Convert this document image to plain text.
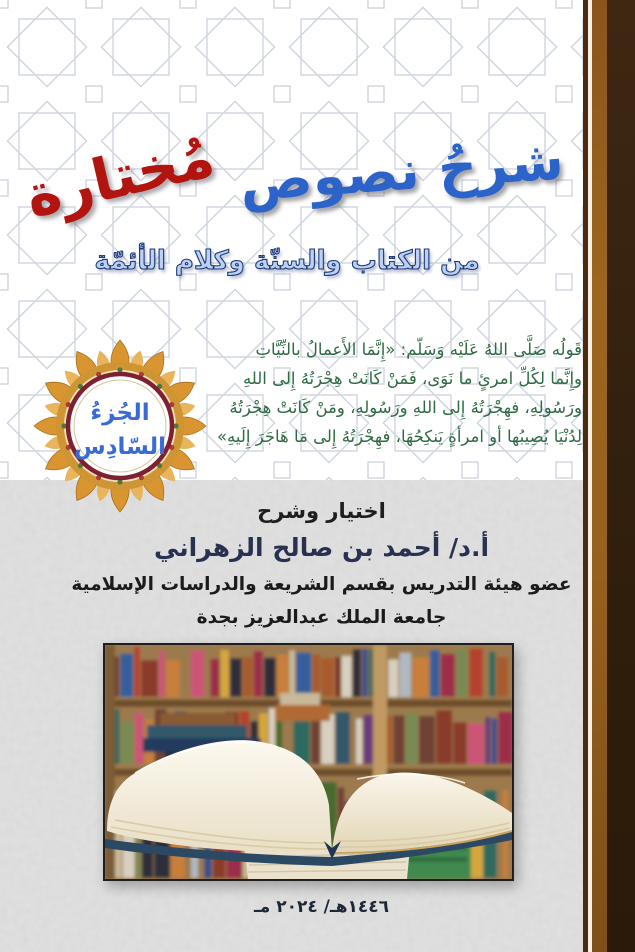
شرحُ نصوص
مُختارة
من الكتاب والسنّة وكلام الأئمّة
الجُزءُ
السّادِس
قَولُه صَلَّى اللهُ عَلَيْه وَسَلّم: «إِنَّمَا الأَعمالُ بالنِّيَّاتِ
وإِنَّما لِكُلِّ امرئٍ ما نَوَى، فَمَنْ كَانَتْ هِجْرَتُهُ إِلى اللهِ
ورَسُولِهِ، فهِجْرَتُهُ إِلى اللهِ ورَسُولِهِ، ومَنْ كَانَتْ هِجْرَتُهُ
لِدُنْيَا يُصِيبُها أو امرأةٍ يَنكِحُهَا، فهِجْرَتُهُ إِلى مَا هَاجَرَ إِلَيهِ»
اختيار وشرح
أ.د/ أحمد بن صالح الزهراني
عضو هيئة التدريس بقسم الشريعة والدراسات الإسلامية
جامعة الملك عبدالعزيز بجدة
١٤٤٦هـ/ ٢٠٢٤ مـ
